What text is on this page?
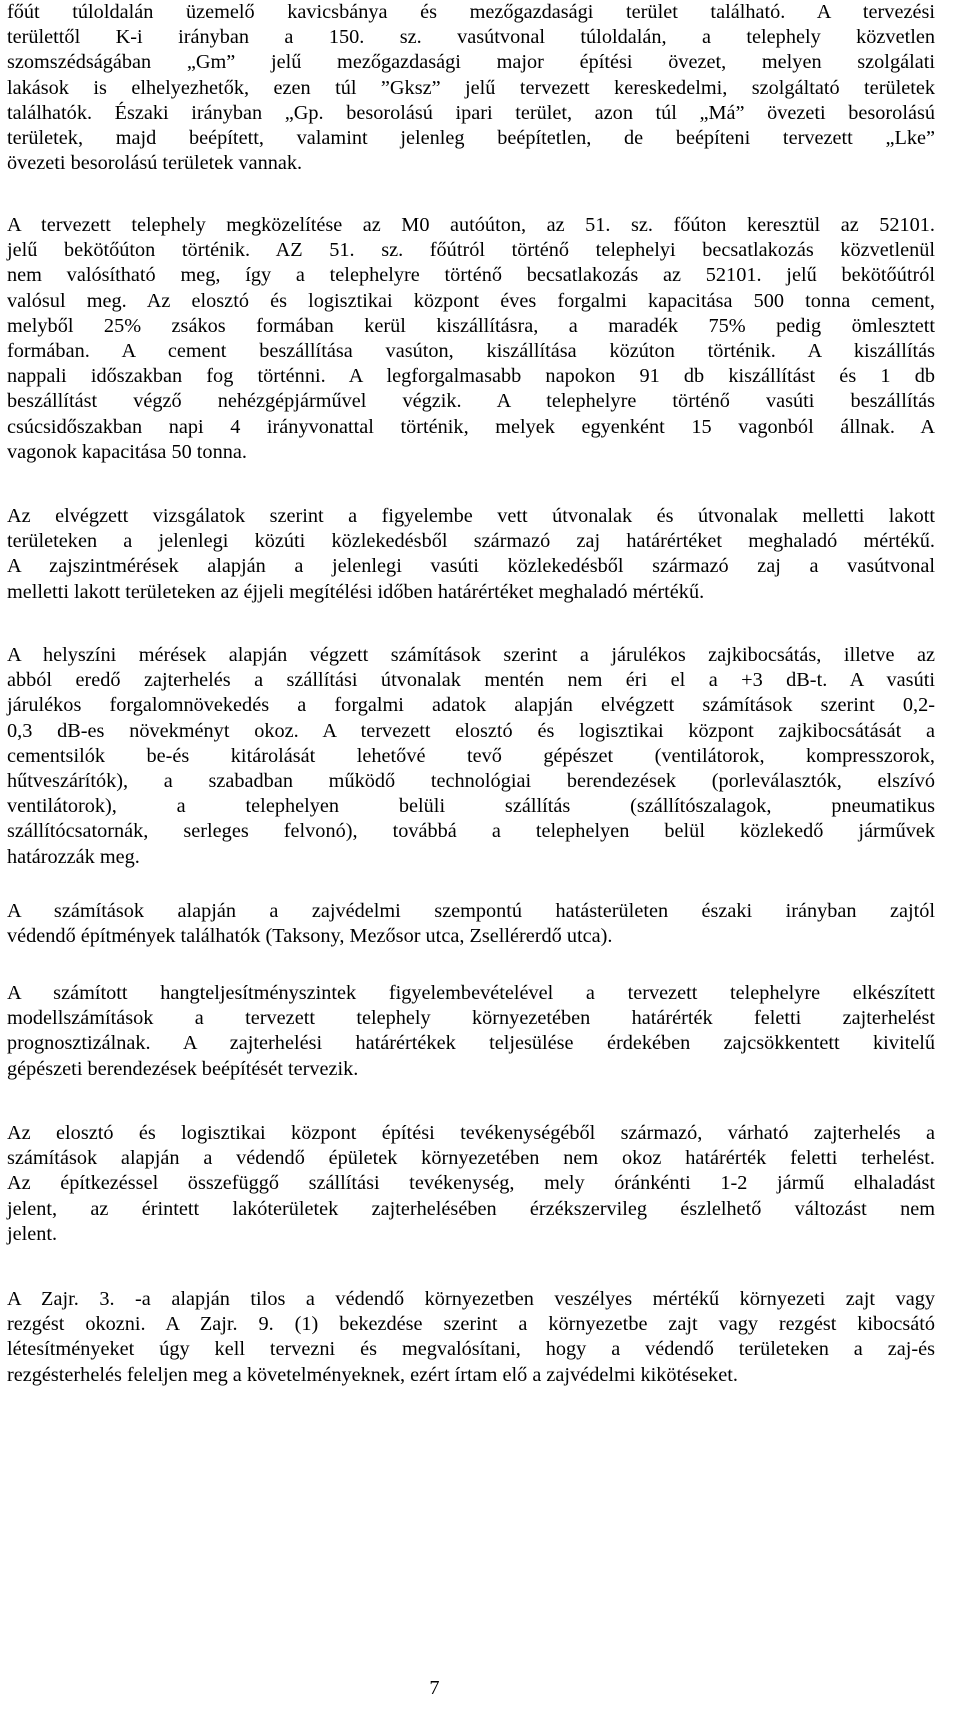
főút túloldalán üzemelő kavicsbánya és mezőgazdasági terület található. A tervezési
területtől K-i irányban a 150. sz. vasútvonal túloldalán, a telephely közvetlen
szomszédságában „Gm” jelű mezőgazdasági major építési övezet, melyen szolgálati
lakások is elhelyezhetők, ezen túl ”Gksz” jelű tervezett kereskedelmi, szolgáltató területek
találhatók. Északi irányban „Gp. besorolású ipari terület, azon túl „Má” övezeti besorolású
területek, majd beépített, valamint jelenleg beépítetlen, de beépíteni tervezett „Lke”
övezeti besorolású területek vannak.
A tervezett telephely megközelítése az M0 autóúton, az 51. sz. főúton keresztül az 52101.
jelű bekötőúton történik. AZ 51. sz. főútról történő telephelyi becsatlakozás közvetlenül
nem valósítható meg, így a telephelyre történő becsatlakozás az 52101. jelű bekötőútról
valósul meg. Az elosztó és logisztikai központ éves forgalmi kapacitása 500 tonna cement,
melyből 25% zsákos formában kerül kiszállításra, a maradék 75% pedig ömlesztett
formában. A cement beszállítása vasúton, kiszállítása közúton történik. A kiszállítás
nappali időszakban fog történni. A legforgalmasabb napokon 91 db kiszállítást és 1 db
beszállítást végző nehézgépjárművel végzik. A telephelyre történő vasúti beszállítás
csúcsidőszakban napi 4 irányvonattal történik, melyek egyenként 15 vagonból állnak. A
vagonok kapacitása 50 tonna.
Az elvégzett vizsgálatok szerint a figyelembe vett útvonalak és útvonalak melletti lakott
területeken a jelenlegi közúti közlekedésből származó zaj határértéket meghaladó mértékű.
A zajszintmérések alapján a jelenlegi vasúti közlekedésből származó zaj a vasútvonal
melletti lakott területeken az éjjeli megítélési időben határértéket meghaladó mértékű.
A helyszíni mérések alapján végzett számítások szerint a járulékos zajkibocsátás, illetve az
abból eredő zajterhelés a szállítási útvonalak mentén nem éri el a +3 dB-t. A vasúti
járulékos forgalomnövekedés a forgalmi adatok alapján elvégzett számítások szerint 0,2-
0,3 dB-es növekményt okoz. A tervezett elosztó és logisztikai központ zajkibocsátását a
cementsilók be-és kitárolását lehetővé tevő gépészet (ventilátorok, kompresszorok,
hűtveszárítók), a szabadban működő technológiai berendezések (porleválasztók, elszívó
ventilátorok), a telephelyen belüli szállítás (szállítószalagok, pneumatikus
szállítócsatornák, serleges felvonó), továbbá a telephelyen belül közlekedő járművek
határozzák meg.
A számítások alapján a zajvédelmi szempontú hatásterületen északi irányban zajtól
védendő építmények találhatók (Taksony, Mezősor utca, Zsellérerdő utca).
A számított hangteljesítményszintek figyelembevételével a tervezett telephelyre elkészített
modellszámítások a tervezett telephely környezetében határérték feletti zajterhelést
prognosztizálnak. A zajterhelési határértékek teljesülése érdekében zajcsökkentett kivitelű
gépészeti berendezések beépítését tervezik.
Az elosztó és logisztikai központ építési tevékenységéből származó, várható zajterhelés a
számítások alapján a védendő épületek környezetében nem okoz határérték feletti terhelést.
Az építkezéssel összefüggő szállítási tevékenység, mely óránkénti 1-2 jármű elhaladást
jelent, az érintett lakóterületek zajterhelésében érzékszervileg észlelhető változást nem
jelent.
A Zajr. 3. -a alapján tilos a védendő környezetben veszélyes mértékű környezeti zajt vagy
rezgést okozni. A Zajr. 9. (1) bekezdése szerint a környezetbe zajt vagy rezgést kibocsátó
létesítményeket úgy kell tervezni és megvalósítani, hogy a védendő területeken a zaj-és
rezgésterhelés feleljen meg a követelményeknek, ezért írtam elő a zajvédelmi kikötéseket.
7
